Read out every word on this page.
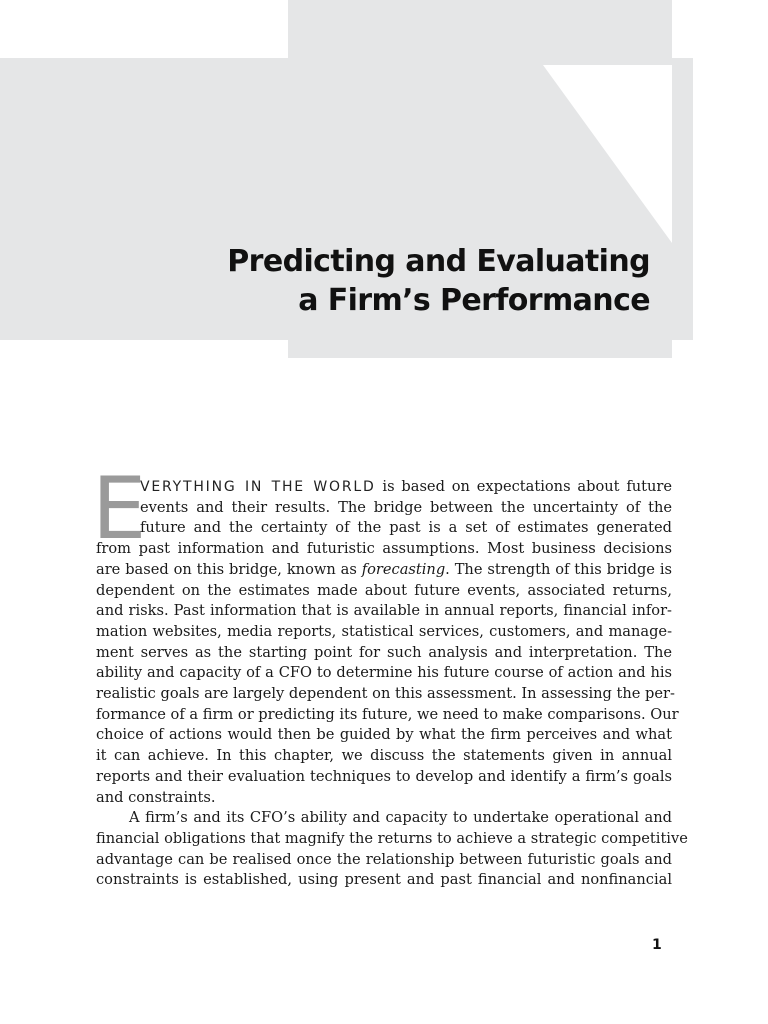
Predicting and Evaluating
a Firm’s Performance
E
VERYTHING IN THE WORLD is based on expectations about future
events and their results. The bridge between the uncertainty of the
future and the certainty of the past is a set of estimates generated
from past information and futuristic assumptions. Most business decisions
are based on this bridge, known as forecasting. The strength of this bridge is
dependent on the estimates made about future events, associated returns,
and risks. Past information that is available in annual reports, financial infor-
mation websites, media reports, statistical services, customers, and manage-
ment serves as the starting point for such analysis and interpretation. The
ability and capacity of a CFO to determine his future course of action and his
realistic goals are largely dependent on this assessment. In assessing the per-
formance of a firm or predicting its future, we need to make comparisons. Our
choice of actions would then be guided by what the firm perceives and what
it can achieve. In this chapter, we discuss the statements given in annual
reports and their evaluation techniques to develop and identify a firm’s goals
and constraints.
A firm’s and its CFO’s ability and capacity to undertake operational and
financial obligations that magnify the returns to achieve a strategic competitive
advantage can be realised once the relationship between futuristic goals and
constraints is established, using present and past financial and nonfinancial
1
